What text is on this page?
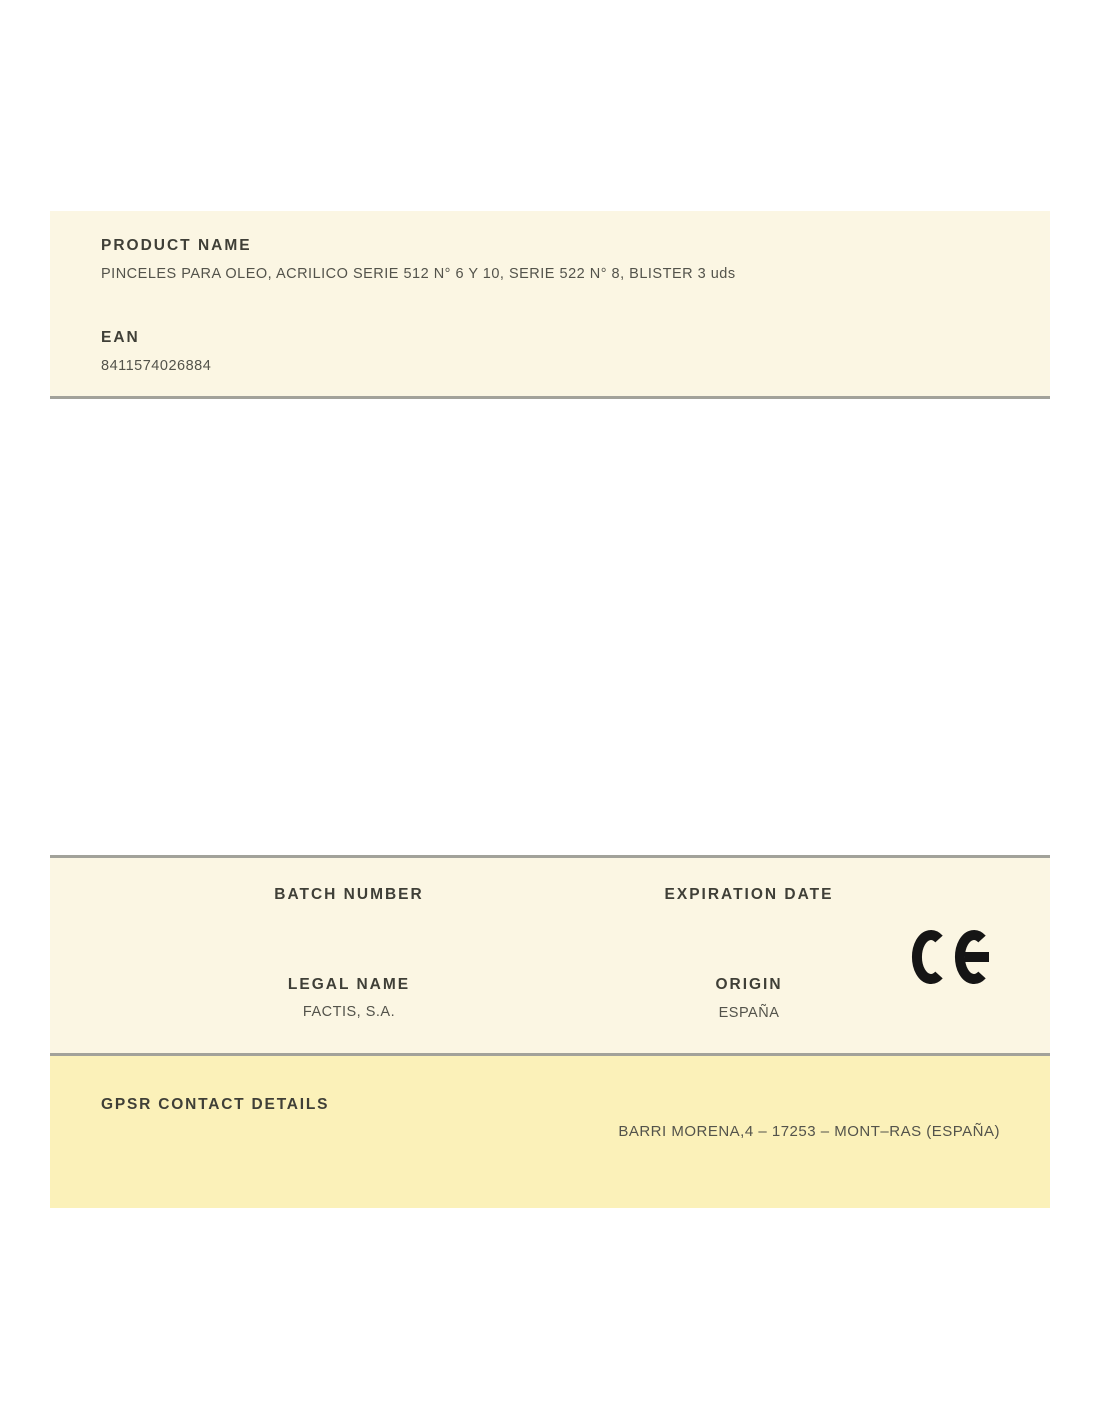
PRODUCT NAME
PINCELES PARA OLEO, ACRILICO SERIE 512 N° 6 Y 10, SERIE 522 N° 8, BLISTER 3 uds
EAN
8411574026884
BATCH NUMBER	EXPIRATION DATE
LEGAL NAME
FACTIS, S.A.
ORIGIN
ESPAÑA
GPSR CONTACT DETAILS
BARRI MORENA,4 – 17253 – MONT–RAS (ESPAÑA)
